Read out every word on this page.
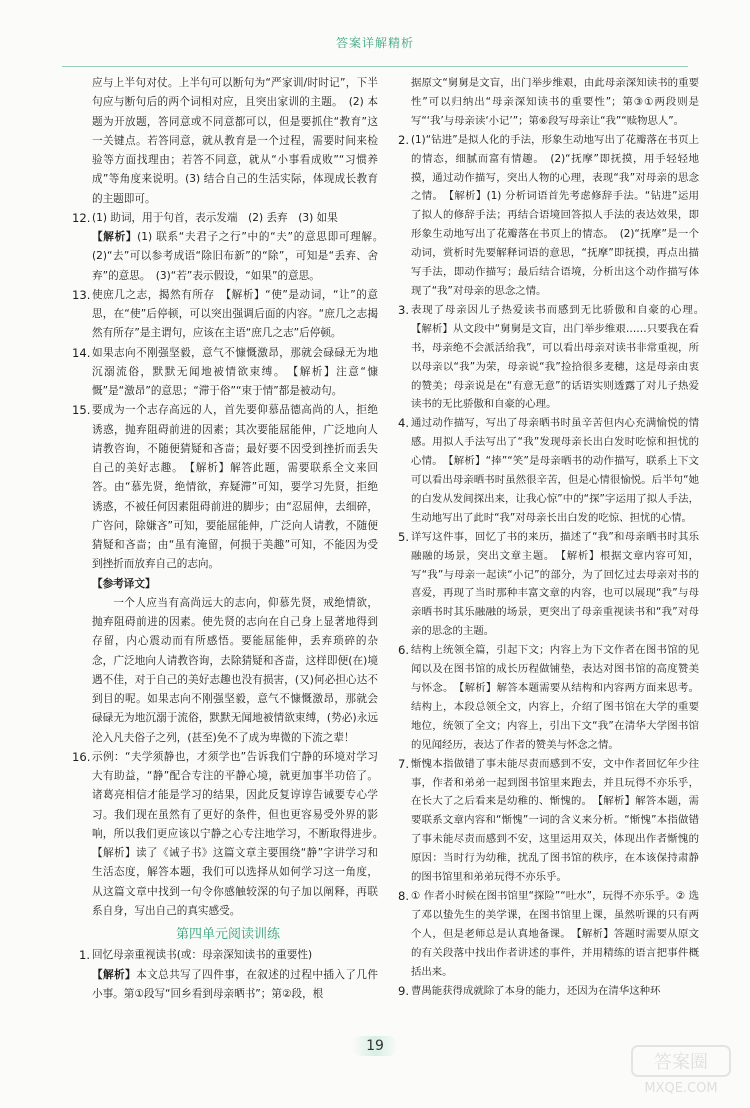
答案详解精析
应与上半句对仗。上半句可以断句为“严家训/时时记”，下半句应与断句后的两个词相对应，且突出家训的主题。　(2) 本题为开放题，答同意或不同意都可以，但是要抓住“教育”这一关键点。若答同意，就从教育是一个过程，需要时间来检验等方面找理由；若答不同意，就从“小事看成败”“习惯养成”等角度来说明。(3) 结合自己的生活实际，体现成长教育的主题即可。
12. (1) 助词，用于句首，表示发端　(2) 丢弃　(3) 如果
【解析】(1) 联系“夫君子之行”中的“夫”的意思即可理解。　(2)“去”可以参考成语“除旧布新”的“除”，可知是“丢弃、舍弃”的意思。　(3)“若”表示假设，“如果”的意思。
13. 使庶几之志，揭然有所存　【解析】“使”是动词，“让”的意思，在“使”后停顿，可以突出强调后面的内容。“庶几之志揭然有所存”是主谓句，应该在主语“庶几之志”后停顿。
14. 如果志向不刚强坚毅，意气不慷慨激昂，那就会碌碌无为地沉溺流俗，默默无闻地被情欲束缚。　【解析】注意“慷慨”是“激昂”的意思；“滞于俗”“束于情”都是被动句。
15. 要成为一个志存高远的人，首先要仰慕品德高尚的人，拒绝诱惑，抛弃阻碍前进的因素；其次要能屈能伸，广泛地向人请教咨询，不随便猜疑和吝啬；最好要不因受到挫折而丢失自己的美好志趣。　【解析】解答此题，需要联系全文来回答。由“慕先贤，绝情欲，弃疑滞”可知，要学习先贤，拒绝诱惑，不被任何因素阻碍前进的脚步；由“忍屈伸，去细碎，广咨问，除嫌吝”可知，要能屈能伸，广泛向人请教，不随便猜疑和吝啬；由“虽有淹留，何损于美趣”可知，不能因为受到挫折而放弃自己的志向。
【参考译文】
一个人应当有高尚远大的志向，仰慕先贤，戒绝情欲，抛弃阻碍前进的因素。使先贤的志向在自己身上显著地得到存留，内心震动而有所感悟。要能屈能伸，丢弃琐碎的杂念，广泛地向人请教咨询，去除猜疑和吝啬，这样即便(在)境遇不佳，对于自己的美好志趣也没有损害，(又)何必担心达不到目的呢。如果志向不刚强坚毅，意气不慷慨激昂，那就会碌碌无为地沉溺于流俗，默默无闻地被情欲束缚，(势必)永远沦入凡夫俗子之列，(甚至)免不了成为卑微的下流之辈！
16. 示例：“夫学须静也，才须学也”告诉我们宁静的环境对学习大有助益，“静”配合专注的平静心境，就更加事半功倍了。诸葛亮相信才能是学习的结果，因此反复谆谆告诫要专心学习。我们现在虽然有了更好的条件，但也更容易受外界的影响，所以我们更应该以宁静之心专注地学习，不断取得进步。　【解析】读了《诫子书》这篇文章主要围绕“静”字讲学习和生活态度，解答本题，我们可以选择从如何学习这一角度，从这篇文章中找到一句令你感触较深的句子加以阐释，再联系自身，写出自己的真实感受。
第四单元阅读训练
1. 回忆母亲重视读书(或：母亲深知读书的重要性)
【解析】本文总共写了四件事，在叙述的过程中插入了几件小事。第①段写“回乡看到母亲晒书”；第②段，根
据原文“舅舅是文盲，出门举步维艰，由此母亲深知读书的重要性”可以归纳出“母亲深知读书的重要性”；第③①两段则是写“‘我’与母亲读‘小记’”；第⑥段写母亲让“我”“赎物思人”。
2. (1)“钻进”是拟人化的手法，形象生动地写出了花瓣落在书页上的情态，细腻而富有情趣。　(2)“抚摩”即抚摸，用手轻轻地摸，通过动作描写，突出人物的心理，表现“我”对母亲的思念之情。　【解析】(1) 分析词语首先考虑修辞手法。“钻进”运用了拟人的修辞手法；再结合语境回答拟人手法的表达效果，即形象生动地写出了花瓣落在书页上的情态。　(2)“抚摩”是一个动词，赏析时先要解释词语的意思，“抚摩”即抚摸，再点出描写手法，即动作描写；最后结合语境，分析出这个动作描写体现了“我”对母亲的思念之情。
3. 表现了母亲因儿子热爱读书而感到无比骄傲和自豪的心理。　【解析】从文段中“舅舅是文盲，出门举步维艰……只要我在看书，母亲绝不会派活给我”，可以看出母亲对读书非常重视，所以母亲以“我”为荣，母亲说“我”捡拾很多麦穗，这是母亲由衷的赞美；母亲说是在“有意无意”的话语实则透露了对儿子热爱读书的无比骄傲和自豪的心理。
4. 通过动作描写，写出了母亲晒书时虽辛苦但内心充满愉悦的情感。用拟人手法写出了“我”发现母亲长出白发时吃惊和担忧的心情。　【解析】“捧”“笑”是母亲晒书的动作描写，联系上下文可以看出母亲晒书时虽然很辛苦，但是心情很愉悦。后半句“她的白发从发间探出来，让我心惊”中的“探”字运用了拟人手法，生动地写出了此时“我”对母亲长出白发的吃惊、担忧的心情。
5. 详写这件事，回忆了书的来历，描述了“我”和母亲晒书时其乐融融的场景，突出文章主题。　【解析】根据文章内容可知，写“我”与母亲一起读“小记”的部分，为了回忆过去母亲对书的喜爱，再现了当时那种丰富文章的内容，也可以展现“我”与母亲晒书时其乐融融的场景，更突出了母亲重视读书和“我”对母亲的思念的主题。
6. 结构上统领全篇，引起下文；内容上为下文作者在图书馆的见闻以及在图书馆的成长历程做铺垫，表达对图书馆的高度赞美与怀念。　【解析】解答本题需要从结构和内容两方面来思考。结构上，本段总领全文，内容上，介绍了图书馆在大学的重要地位，统领了全文；内容上，引出下文“我”在清华大学图书馆的见闻经历，表达了作者的赞美与怀念之情。
7. 惭愧本指做错了事未能尽责而感到不安，文中作者回忆年少往事，作者和弟弟一起到图书馆里来跑去，并且玩得不亦乐乎，在长大了之后看来是幼稚的、惭愧的。　【解析】解答本题，需要联系文章内容和“惭愧”一词的含义来分析。“惭愧”本指做错了事未能尽责而感到不安，这里运用双关，体现出作者惭愧的原因：当时行为幼稚，扰乱了图书馆的秩序，在本该保持肃静的图书馆里和弟弟玩得不亦乐乎。
8. ① 作者小时候在图书馆里“探险”“吐水”，玩得不亦乐乎。② 选了邓以蛰先生的美学课，在图书馆里上课，虽然听课的只有两个人，但是老师总是认真地备课。　【解析】答题时需要从原文的有关段落中找出作者讲述的事件，并用精练的语言把事件概括出来。
9. 曹禺能获得成就除了本身的能力，还因为在清华这种环
19
答案圈
MXQE.COM
